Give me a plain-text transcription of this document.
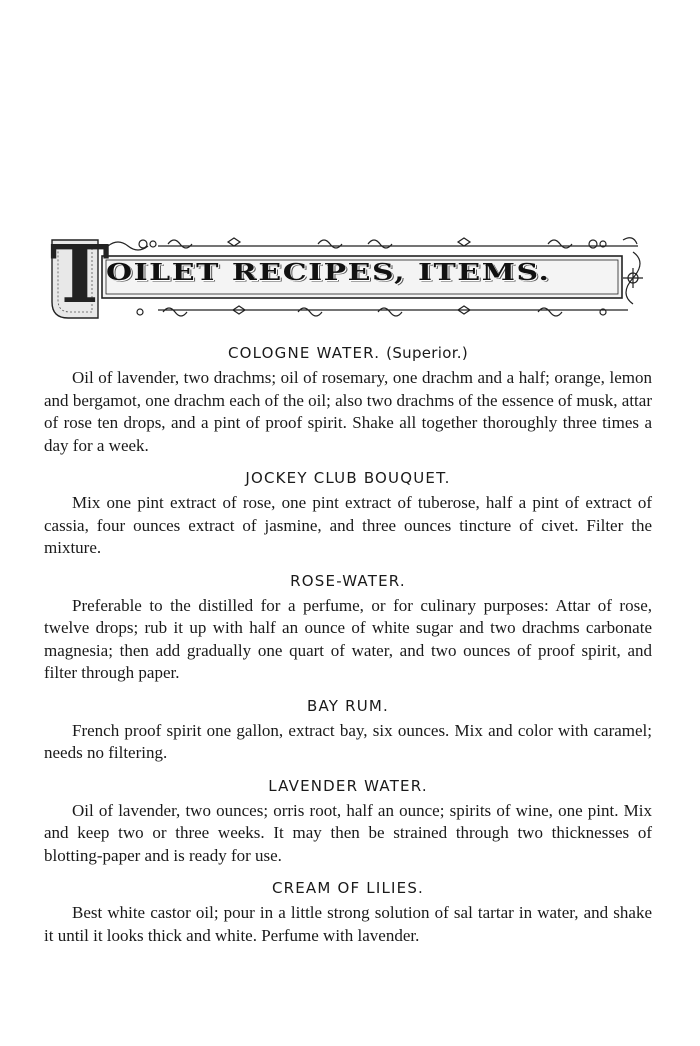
T
OILET RECIPES, ITEMS.

COLOGNE WATER. (Superior.)

Oil of lavender, two drachms; oil of rosemary, one drachm and a half; orange, lemon and bergamot, one drachm each of the oil; also two drachms of the essence of musk, attar of rose ten drops, and a pint of proof spirit. Shake all together thoroughly three times a day for a week.

JOCKEY CLUB BOUQUET.

Mix one pint extract of rose, one pint extract of tuberose, half a pint of extract of cassia, four ounces extract of jasmine, and three ounces tincture of civet. Filter the mixture.

ROSE-WATER.

Preferable to the distilled for a perfume, or for culinary purposes: Attar of rose, twelve drops; rub it up with half an ounce of white sugar and two drachms carbonate magnesia; then add gradually one quart of water, and two ounces of proof spirit, and filter through paper.

BAY RUM.

French proof spirit one gallon, extract bay, six ounces. Mix and color with caramel; needs no filtering.

LAVENDER WATER.

Oil of lavender, two ounces; orris root, half an ounce; spirits of wine, one pint. Mix and keep two or three weeks. It may then be strained through two thicknesses of blotting-paper and is ready for use.

CREAM OF LILIES.

Best white castor oil; pour in a little strong solution of sal tartar in water, and shake it until it looks thick and white. Perfume with lavender.
